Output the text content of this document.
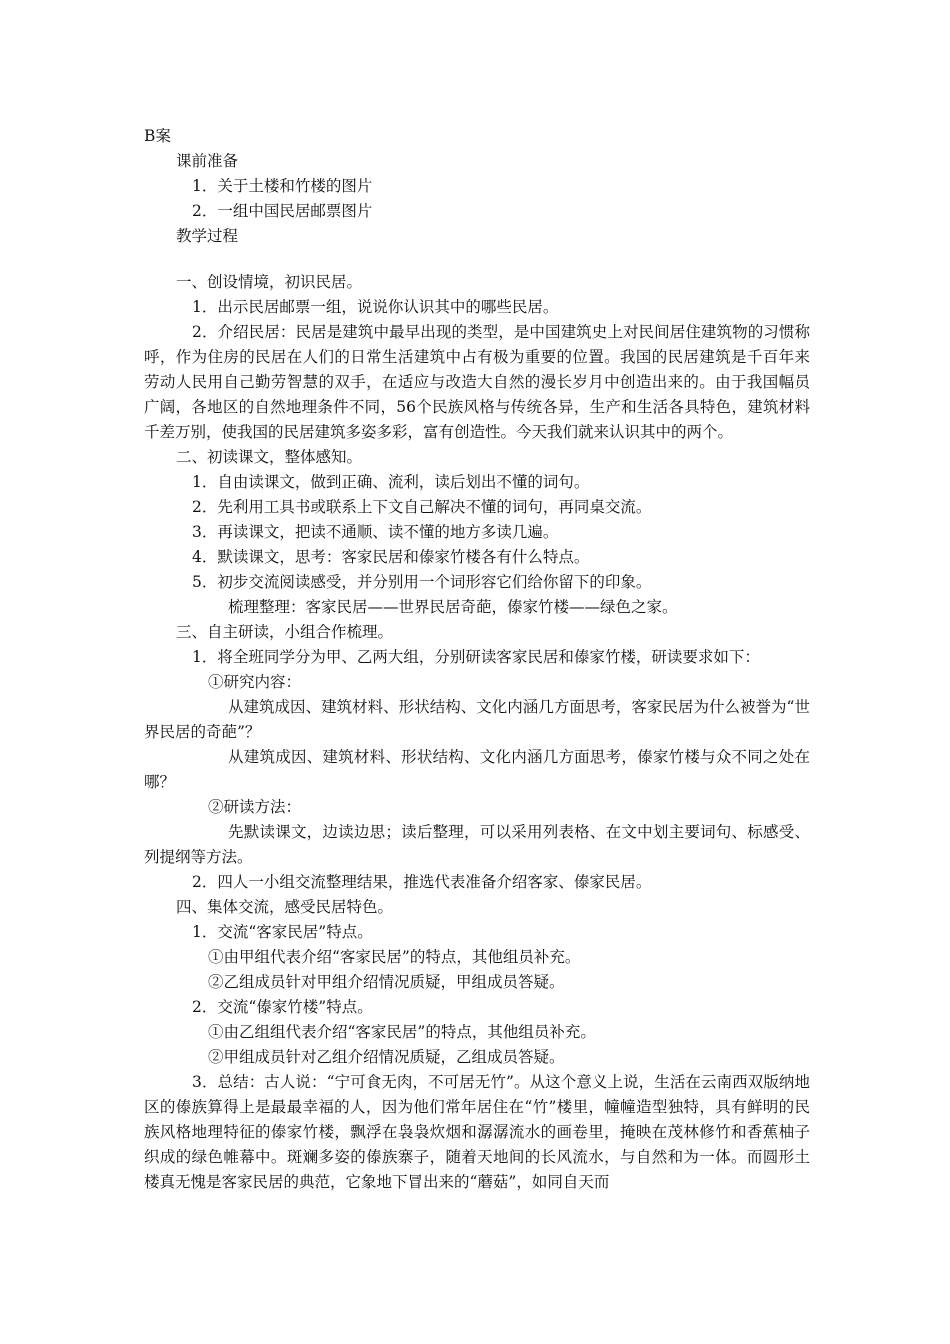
B案

课前准备

1．关于土楼和竹楼的图片

2．一组中国民居邮票图片

教学过程

一、创设情境，初识民居。

1．出示民居邮票一组，说说你认识其中的哪些民居。

2．介绍民居：民居是建筑中最早出现的类型，是中国建筑史上对民间居住建筑物的习惯称呼，作为住房的民居在人们的日常生活建筑中占有极为重要的位置。我国的民居建筑是千百年来劳动人民用自己勤劳智慧的双手，在适应与改造大自然的漫长岁月中创造出来的。由于我国幅员广阔，各地区的自然地理条件不同，56个民族风格与传统各异，生产和生活各具特色，建筑材料千差万别，使我国的民居建筑多姿多彩，富有创造性。今天我们就来认识其中的两个。

二、初读课文，整体感知。

1．自由读课文，做到正确、流利，读后划出不懂的词句。

2．先利用工具书或联系上下文自己解决不懂的词句，再同桌交流。

3．再读课文，把读不通顺、读不懂的地方多读几遍。

4．默读课文，思考：客家民居和傣家竹楼各有什么特点。

5．初步交流阅读感受，并分别用一个词形容它们给你留下的印象。

梳理整理：客家民居——世界民居奇葩，傣家竹楼——绿色之家。

三、自主研读，小组合作梳理。

1．将全班同学分为甲、乙两大组，分别研读客家民居和傣家竹楼，研读要求如下：

①研究内容：

从建筑成因、建筑材料、形状结构、文化内涵几方面思考，客家民居为什么被誉为“世界民居的奇葩”？

从建筑成因、建筑材料、形状结构、文化内涵几方面思考，傣家竹楼与众不同之处在哪？

②研读方法：

先默读课文，边读边思；读后整理，可以采用列表格、在文中划主要词句、标感受、列提纲等方法。

2．四人一小组交流整理结果，推选代表准备介绍客家、傣家民居。

四、集体交流，感受民居特色。

1．交流“客家民居”特点。

①由甲组代表介绍“客家民居”的特点，其他组员补充。

②乙组成员针对甲组介绍情况质疑，甲组成员答疑。

2．交流“傣家竹楼”特点。

①由乙组组代表介绍“客家民居”的特点，其他组员补充。

②甲组成员针对乙组介绍情况质疑，乙组成员答疑。

3．总结：古人说：“宁可食无肉，不可居无竹”。从这个意义上说，生活在云南西双版纳地区的傣族算得上是最最幸福的人，因为他们常年居住在“竹”楼里，幢幢造型独特，具有鲜明的民族风格地理特征的傣家竹楼，飘浮在袅袅炊烟和潺潺流水的画卷里，掩映在茂林修竹和香蕉柚子织成的绿色帷幕中。斑斓多姿的傣族寨子，随着天地间的长风流水，与自然和为一体。而圆形土楼真无愧是客家民居的典范，它象地下冒出来的“蘑菇”，如同自天而
